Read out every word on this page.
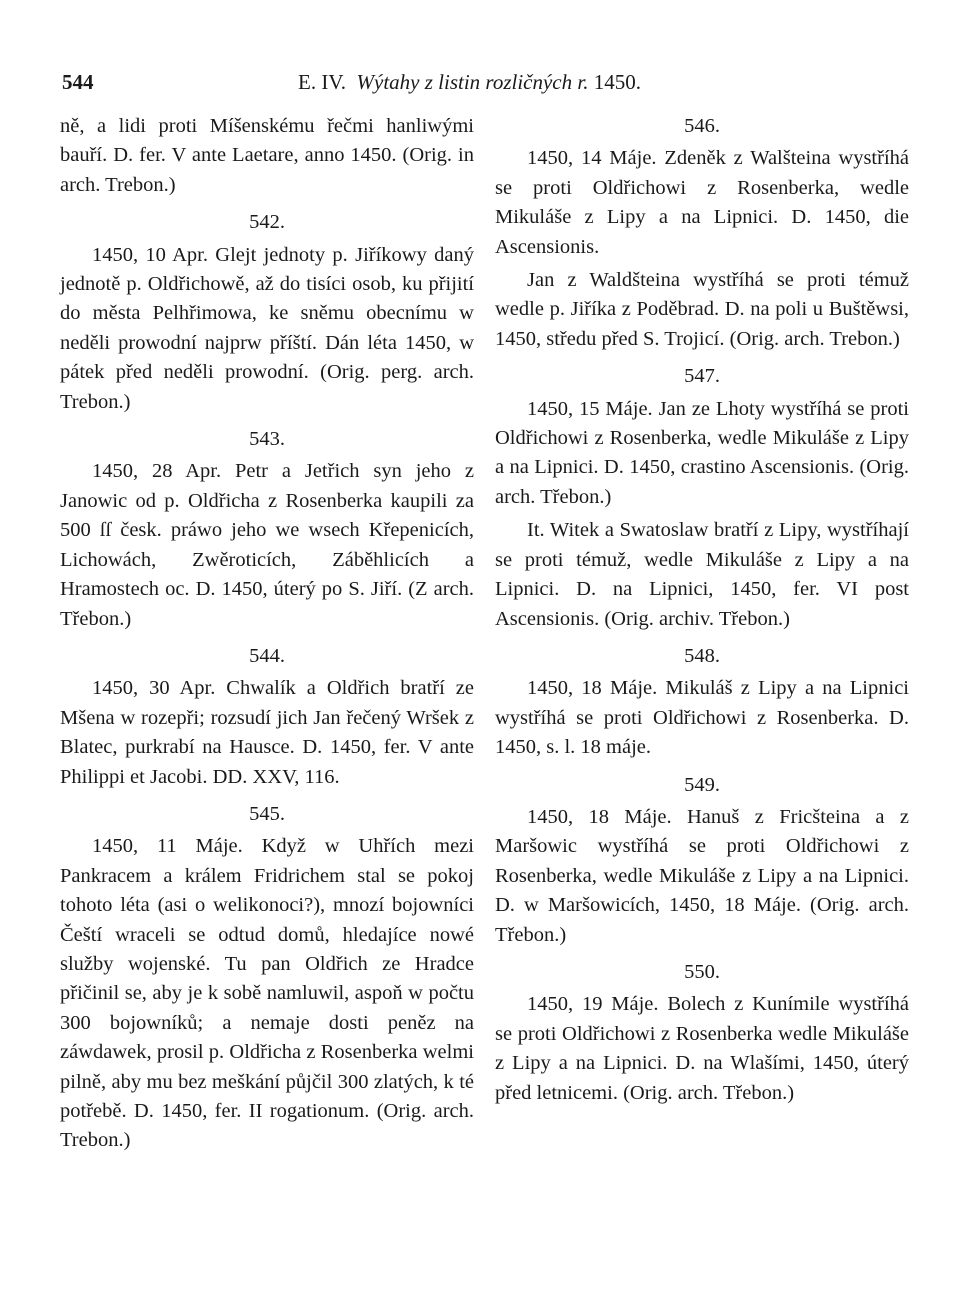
544	E. IV. Wýtahy z listin rozličných r. 1450.

ně, a lidi proti Míšenskému řečmi hanliwými bauří. D. fer. V ante Laetare, anno 1450. (Orig. in arch. Trebon.)

542.

1450, 10 Apr. Glejt jednoty p. Jiříkowy daný jednotě p. Oldřichowě, až do tisíci osob, ku přijití do města Pelhřimowa, ke sněmu obecnímu w neděli prowodní najprw příští. Dán léta 1450, w pátek před neděli prowodní. (Orig. perg. arch. Trebon.)

543.

1450, 28 Apr. Petr a Jetřich syn jeho z Janowic od p. Oldřicha z Rosenberka kaupili za 500 ſſ česk. práwo jeho we wsech Křepenicích, Lichowách, Zwěroticích, Záběhlicích a Hramostech oc. D. 1450, úterý po S. Jiří. (Z arch. Třebon.)

544.

1450, 30 Apr. Chwalík a Oldřich bratří ze Mšena w rozepři; rozsudí jich Jan řečený Wršek z Blatec, purkrabí na Hausce. D. 1450, fer. V ante Philippi et Jacobi. DD. XXV, 116.

545.

1450, 11 Máje. Když w Uhřích mezi Pankracem a králem Fridrichem stal se pokoj tohoto léta (asi o welikonoci?), mnozí bojowníci Čeští wraceli se odtud domů, hledajíce nowé služby wojenské. Tu pan Oldřich ze Hradce přičinil se, aby je k sobě namluwil, aspoň w počtu 300 bojowníků; a nemaje dosti peněz na záwdawek, prosil p. Oldřicha z Rosenberka welmi pilně, aby mu bez meškání půjčil 300 zlatých, k té potřebě. D. 1450, fer. II rogationum. (Orig. arch. Trebon.)

546.

1450, 14 Máje. Zdeněk z Walšteina wystříhá se proti Oldřichowi z Rosenberka, wedle Mikuláše z Lipy a na Lipnici. D. 1450, die Ascensionis.

Jan z Waldšteina wystříhá se proti témuž wedle p. Jiříka z Poděbrad. D. na poli u Buštěwsi, 1450, středu před S. Trojicí. (Orig. arch. Trebon.)

547.

1450, 15 Máje. Jan ze Lhoty wystříhá se proti Oldřichowi z Rosenberka, wedle Mikuláše z Lipy a na Lipnici. D. 1450, crastino Ascensionis. (Orig. arch. Třebon.)

It. Witek a Swatoslaw bratří z Lipy, wystříhají se proti témuž, wedle Mikuláše z Lipy a na Lipnici. D. na Lipnici, 1450, fer. VI post Ascensionis. (Orig. archiv. Třebon.)

548.

1450, 18 Máje. Mikuláš z Lipy a na Lipnici wystříhá se proti Oldřichowi z Rosenberka. D. 1450, s. l. 18 máje.

549.

1450, 18 Máje. Hanuš z Fricšteina a z Maršowic wystříhá se proti Oldřichowi z Rosenberka, wedle Mikuláše z Lipy a na Lipnici. D. w Maršowicích, 1450, 18 Máje. (Orig. arch. Třebon.)

550.

1450, 19 Máje. Bolech z Kunímile wystříhá se proti Oldřichowi z Rosenberka wedle Mikuláše z Lipy a na Lipnici. D. na Wlašími, 1450, úterý před letnicemi. (Orig. arch. Třebon.)
